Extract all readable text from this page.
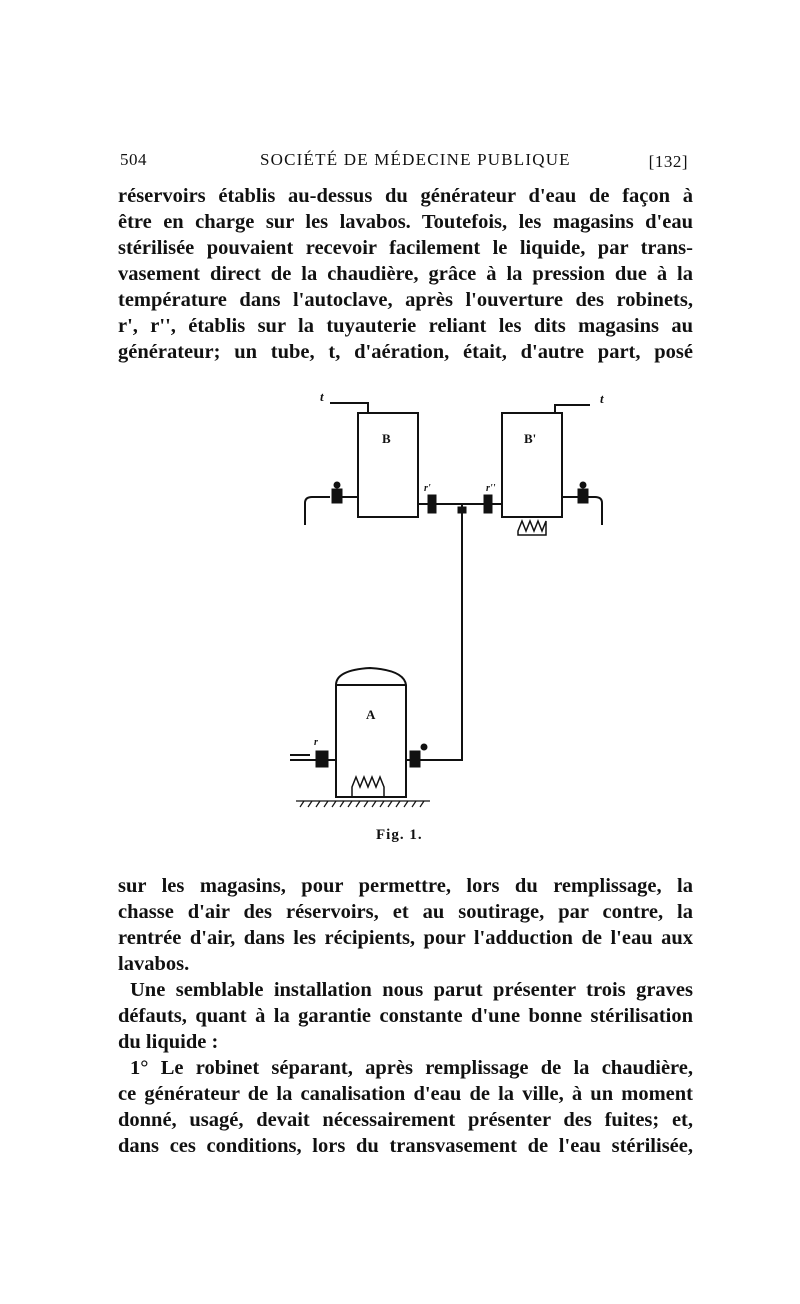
504	SOCIÉTÉ DE MÉDECINE PUBLIQUE	[132]
réservoirs établis au-dessus du générateur d'eau de façon à
être en charge sur les lavabos. Toutefois, les magasins d'eau
stérilisée pouvaient recevoir facilement le liquide, par trans-
vasement direct de la chaudière, grâce à la pression due à la
température dans l'autoclave, après l'ouverture des robinets,
r', r'', établis sur la tuyauterie reliant les dits magasins au
générateur; un tube, t, d'aération, était, d'autre part, posé
t	t
B	B'
A
r'	r''
r
Fig. 1.
sur les magasins, pour permettre, lors du remplissage, la
chasse d'air des réservoirs, et au soutirage, par contre, la
rentrée d'air, dans les récipients, pour l'adduction de l'eau aux
lavabos.
Une semblable installation nous parut présenter trois graves
défauts, quant à la garantie constante d'une bonne stérilisation
du liquide :
1° Le robinet séparant, après remplissage de la chaudière,
ce générateur de la canalisation d'eau de la ville, à un moment
donné, usagé, devait nécessairement présenter des fuites; et,
dans ces conditions, lors du transvasement de l'eau stérilisée,
